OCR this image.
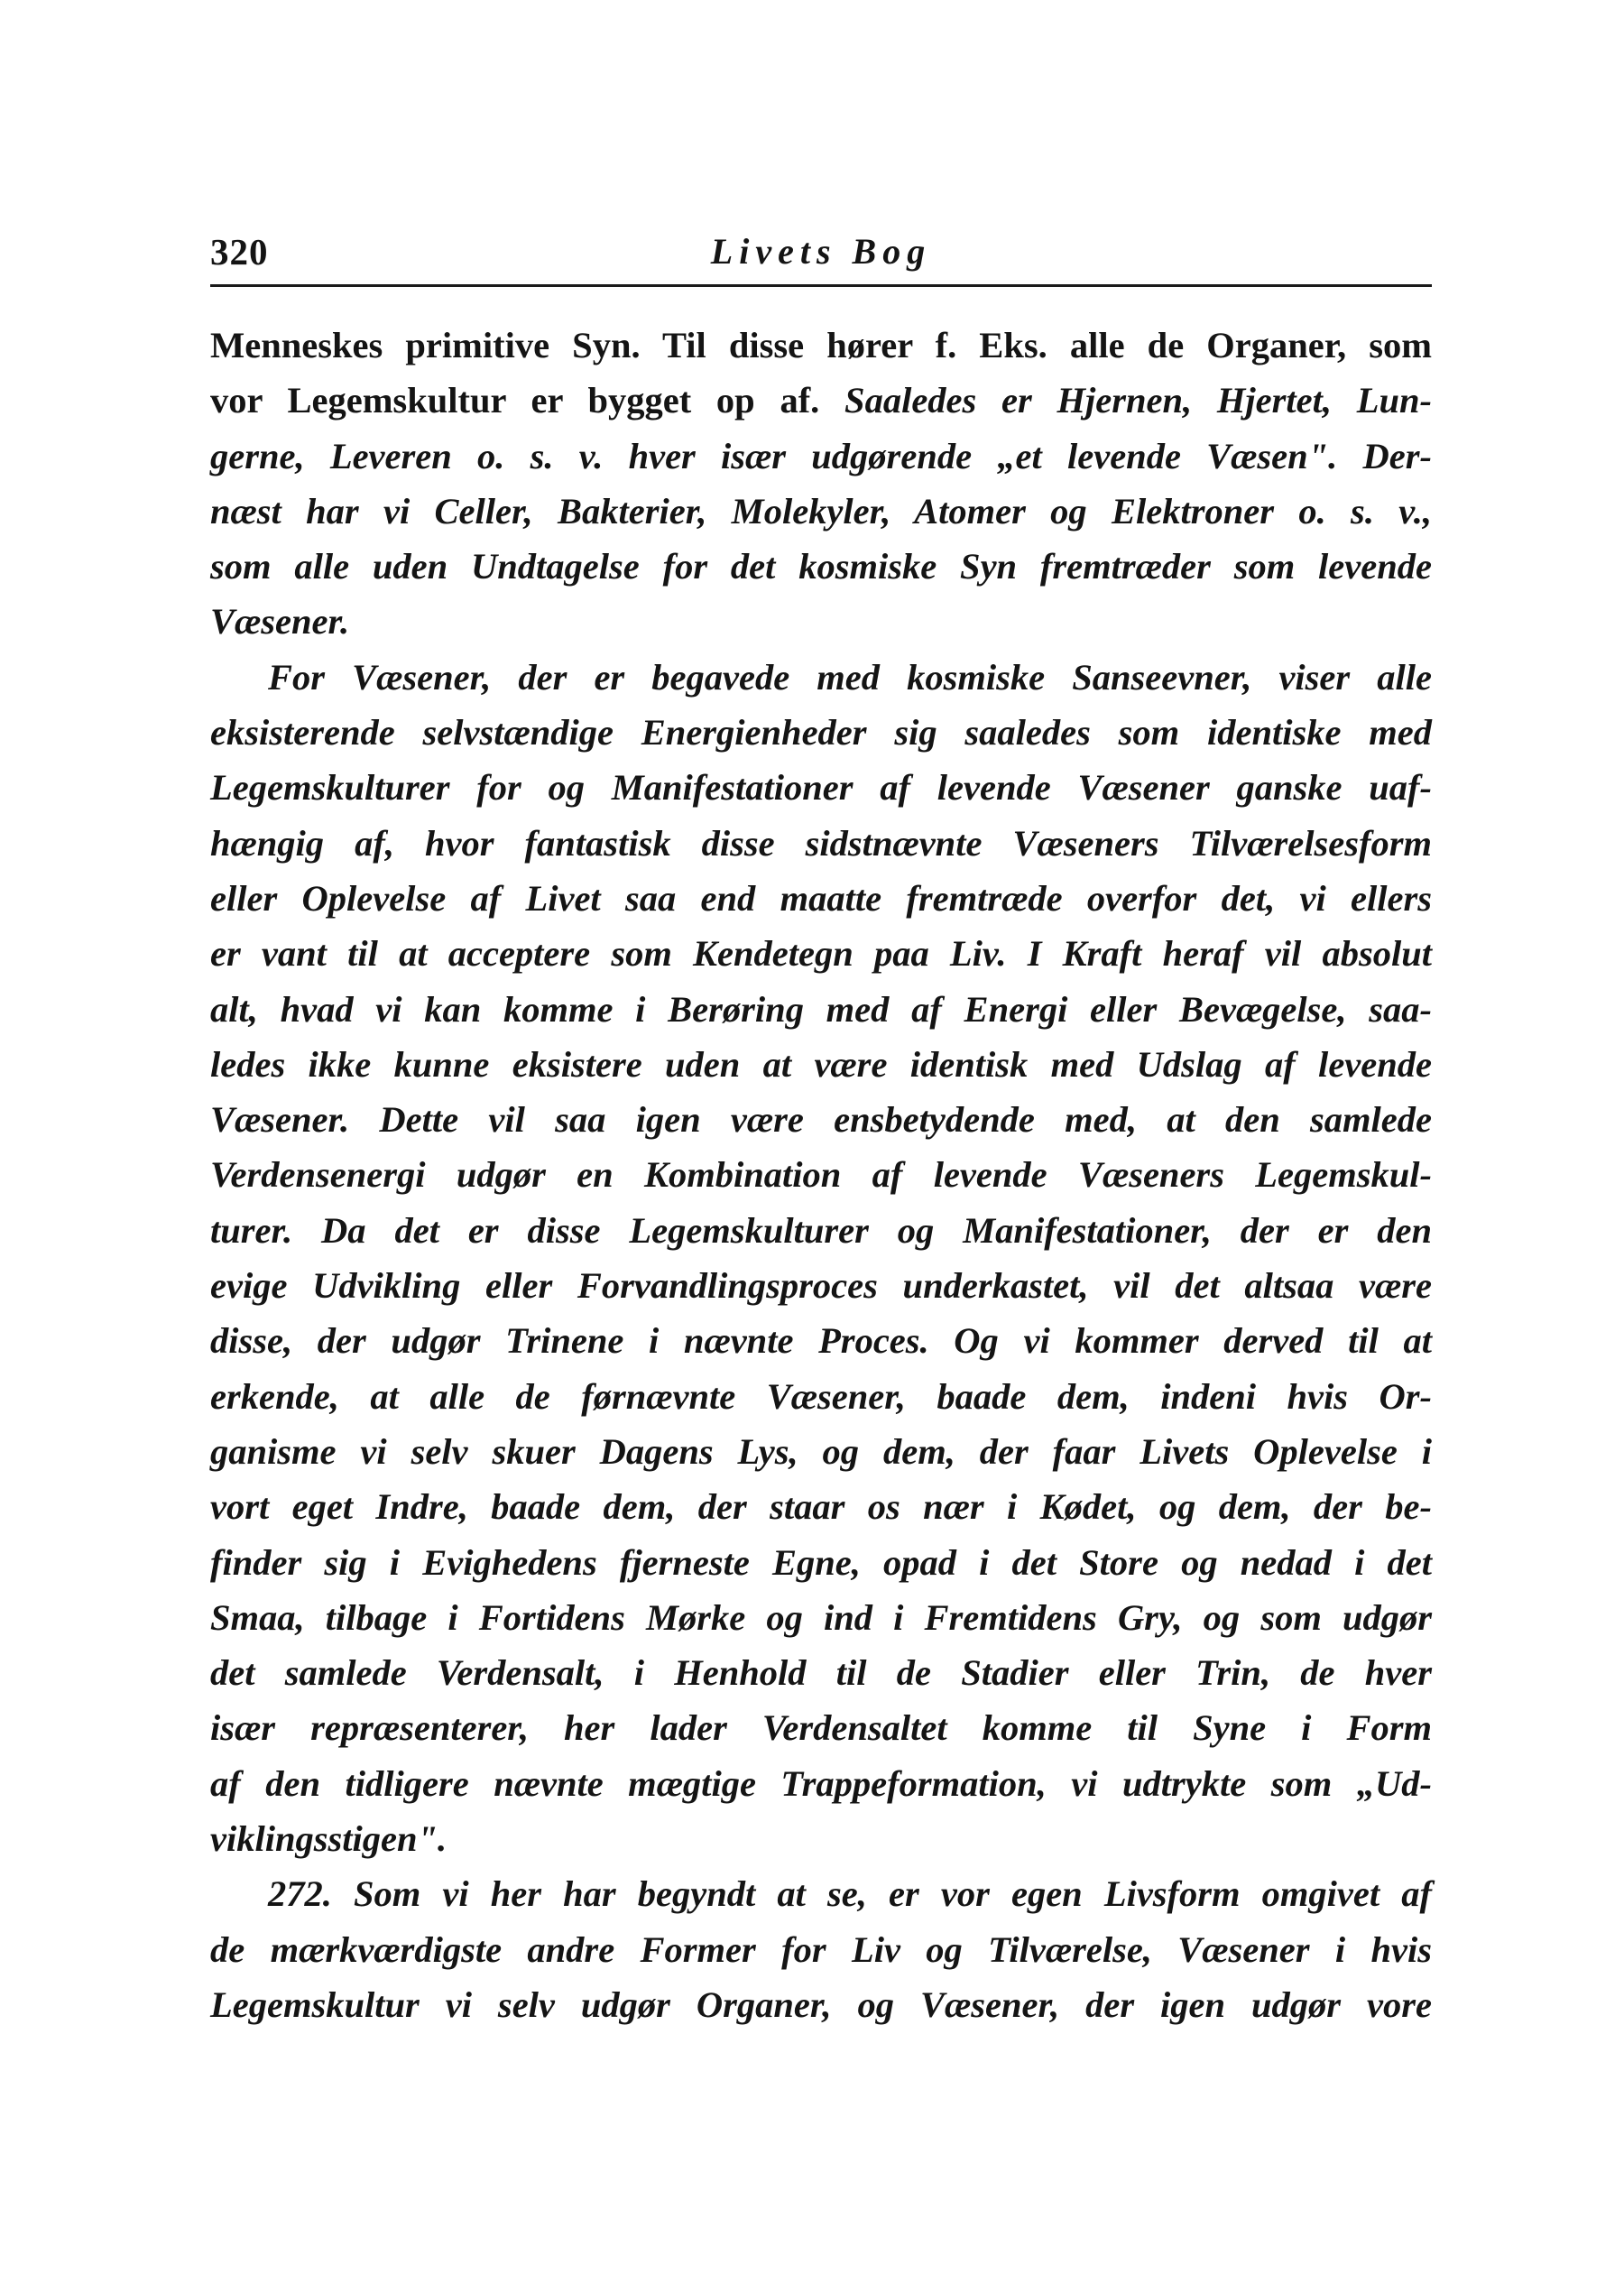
320	Livets Bog
Menneskes primitive Syn. Til disse hører f. Eks. alle de Organer, som
vor Legemskultur er bygget op af. Saaledes er Hjernen, Hjertet, Lun-
gerne, Leveren o. s. v. hver især udgørende „et levende Væsen". Der-
næst har vi Celler, Bakterier, Molekyler, Atomer og Elektroner o. s. v.,
som alle uden Undtagelse for det kosmiske Syn fremtræder som levende
Væsener.
For Væsener, der er begavede med kosmiske Sanseevner, viser alle
eksisterende selvstændige Energienheder sig saaledes som identiske med
Legemskulturer for og Manifestationer af levende Væsener ganske uaf-
hængig af, hvor fantastisk disse sidstnævnte Væseners Tilværelsesform
eller Oplevelse af Livet saa end maatte fremtræde overfor det, vi ellers
er vant til at acceptere som Kendetegn paa Liv. I Kraft heraf vil absolut
alt, hvad vi kan komme i Berøring med af Energi eller Bevægelse, saa-
ledes ikke kunne eksistere uden at være identisk med Udslag af levende
Væsener. Dette vil saa igen være ensbetydende med, at den samlede
Verdensenergi udgør en Kombination af levende Væseners Legemskul-
turer. Da det er disse Legemskulturer og Manifestationer, der er den
evige Udvikling eller Forvandlingsproces underkastet, vil det altsaa være
disse, der udgør Trinene i nævnte Proces. Og vi kommer derved til at
erkende, at alle de førnævnte Væsener, baade dem, indeni hvis Or-
ganisme vi selv skuer Dagens Lys, og dem, der faar Livets Oplevelse i
vort eget Indre, baade dem, der staar os nær i Kødet, og dem, der be-
finder sig i Evighedens fjerneste Egne, opad i det Store og nedad i det
Smaa, tilbage i Fortidens Mørke og ind i Fremtidens Gry, og som udgør
det samlede Verdensalt, i Henhold til de Stadier eller Trin, de hver
især repræsenterer, her lader Verdensaltet komme til Syne i Form
af den tidligere nævnte mægtige Trappeformation, vi udtrykte som „Ud-
viklingsstigen".
272. Som vi her har begyndt at se, er vor egen Livsform omgivet af
de mærkværdigste andre Former for Liv og Tilværelse, Væsener i hvis
Legemskultur vi selv udgør Organer, og Væsener, der igen udgør vore
